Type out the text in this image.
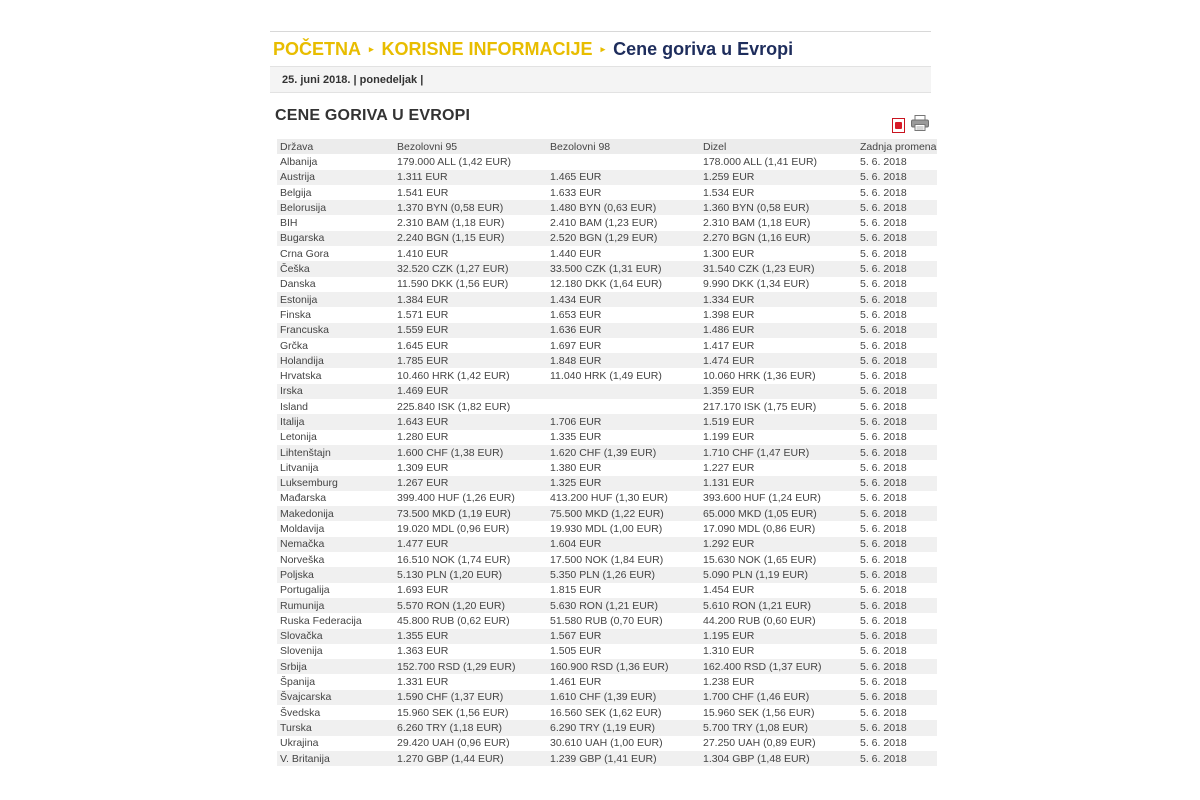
POČETNA ▸ KORISNE INFORMACIJE ▸ Cene goriva u Evropi
25. juni 2018. | ponedeljak |
CENE GORIVA U EVROPI
Država	Bezolovni 95	Bezolovni 98	Dizel	Zadnja promena
Albanija	179.000 ALL (1,42 EUR)		178.000 ALL (1,41 EUR)	5. 6. 2018
Austrija	1.311 EUR	1.465 EUR	1.259 EUR	5. 6. 2018
Belgija	1.541 EUR	1.633 EUR	1.534 EUR	5. 6. 2018
Belorusija	1.370 BYN (0,58 EUR)	1.480 BYN (0,63 EUR)	1.360 BYN (0,58 EUR)	5. 6. 2018
BIH	2.310 BAM (1,18 EUR)	2.410 BAM (1,23 EUR)	2.310 BAM (1,18 EUR)	5. 6. 2018
Bugarska	2.240 BGN (1,15 EUR)	2.520 BGN (1,29 EUR)	2.270 BGN (1,16 EUR)	5. 6. 2018
Crna Gora	1.410 EUR	1.440 EUR	1.300 EUR	5. 6. 2018
Češka	32.520 CZK (1,27 EUR)	33.500 CZK (1,31 EUR)	31.540 CZK (1,23 EUR)	5. 6. 2018
Danska	11.590 DKK (1,56 EUR)	12.180 DKK (1,64 EUR)	9.990 DKK (1,34 EUR)	5. 6. 2018
Estonija	1.384 EUR	1.434 EUR	1.334 EUR	5. 6. 2018
Finska	1.571 EUR	1.653 EUR	1.398 EUR	5. 6. 2018
Francuska	1.559 EUR	1.636 EUR	1.486 EUR	5. 6. 2018
Grčka	1.645 EUR	1.697 EUR	1.417 EUR	5. 6. 2018
Holandija	1.785 EUR	1.848 EUR	1.474 EUR	5. 6. 2018
Hrvatska	10.460 HRK (1,42 EUR)	11.040 HRK (1,49 EUR)	10.060 HRK (1,36 EUR)	5. 6. 2018
Irska	1.469 EUR		1.359 EUR	5. 6. 2018
Island	225.840 ISK (1,82 EUR)		217.170 ISK (1,75 EUR)	5. 6. 2018
Italija	1.643 EUR	1.706 EUR	1.519 EUR	5. 6. 2018
Letonija	1.280 EUR	1.335 EUR	1.199 EUR	5. 6. 2018
Lihtenštajn	1.600 CHF (1,38 EUR)	1.620 CHF (1,39 EUR)	1.710 CHF (1,47 EUR)	5. 6. 2018
Litvanija	1.309 EUR	1.380 EUR	1.227 EUR	5. 6. 2018
Luksemburg	1.267 EUR	1.325 EUR	1.131 EUR	5. 6. 2018
Mađarska	399.400 HUF (1,26 EUR)	413.200 HUF (1,30 EUR)	393.600 HUF (1,24 EUR)	5. 6. 2018
Makedonija	73.500 MKD (1,19 EUR)	75.500 MKD (1,22 EUR)	65.000 MKD (1,05 EUR)	5. 6. 2018
Moldavija	19.020 MDL (0,96 EUR)	19.930 MDL (1,00 EUR)	17.090 MDL (0,86 EUR)	5. 6. 2018
Nemačka	1.477 EUR	1.604 EUR	1.292 EUR	5. 6. 2018
Norveška	16.510 NOK (1,74 EUR)	17.500 NOK (1,84 EUR)	15.630 NOK (1,65 EUR)	5. 6. 2018
Poljska	5.130 PLN (1,20 EUR)	5.350 PLN (1,26 EUR)	5.090 PLN (1,19 EUR)	5. 6. 2018
Portugalija	1.693 EUR	1.815 EUR	1.454 EUR	5. 6. 2018
Rumunija	5.570 RON (1,20 EUR)	5.630 RON (1,21 EUR)	5.610 RON (1,21 EUR)	5. 6. 2018
Ruska Federacija	45.800 RUB (0,62 EUR)	51.580 RUB (0,70 EUR)	44.200 RUB (0,60 EUR)	5. 6. 2018
Slovačka	1.355 EUR	1.567 EUR	1.195 EUR	5. 6. 2018
Slovenija	1.363 EUR	1.505 EUR	1.310 EUR	5. 6. 2018
Srbija	152.700 RSD (1,29 EUR)	160.900 RSD (1,36 EUR)	162.400 RSD (1,37 EUR)	5. 6. 2018
Španija	1.331 EUR	1.461 EUR	1.238 EUR	5. 6. 2018
Švajcarska	1.590 CHF (1,37 EUR)	1.610 CHF (1,39 EUR)	1.700 CHF (1,46 EUR)	5. 6. 2018
Švedska	15.960 SEK (1,56 EUR)	16.560 SEK (1,62 EUR)	15.960 SEK (1,56 EUR)	5. 6. 2018
Turska	6.260 TRY (1,18 EUR)	6.290 TRY (1,19 EUR)	5.700 TRY (1,08 EUR)	5. 6. 2018
Ukrajina	29.420 UAH (0,96 EUR)	30.610 UAH (1,00 EUR)	27.250 UAH (0,89 EUR)	5. 6. 2018
V. Britanija	1.270 GBP (1,44 EUR)	1.239 GBP (1,41 EUR)	1.304 GBP (1,48 EUR)	5. 6. 2018
